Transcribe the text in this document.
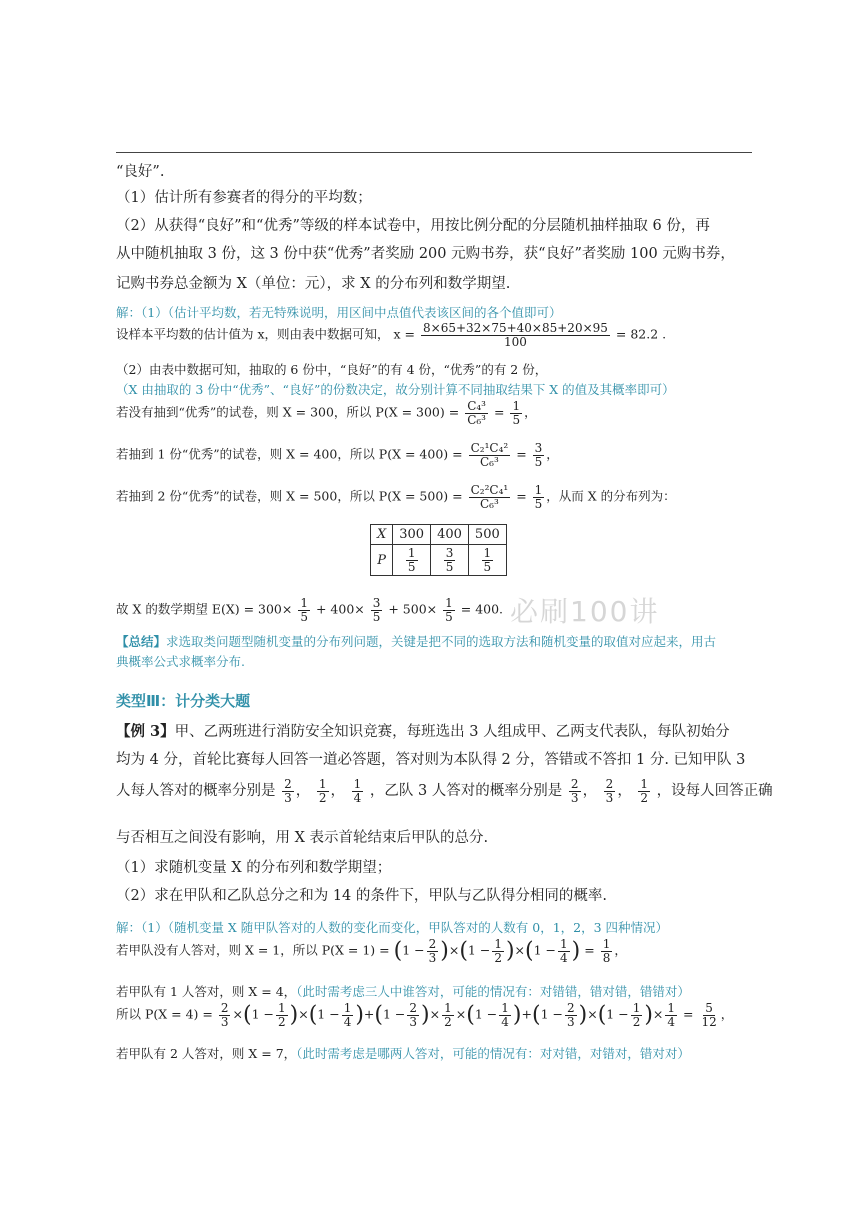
“良好”.
（1）估计所有参赛者的得分的平均数；
（2）从获得“良好”和“优秀”等级的样本试卷中，用按比例分配的分层随机抽样抽取 6 份，再
从中随机抽取 3 份，这 3 份中获“优秀”者奖励 200 元购书券，获“良好”者奖励 100 元购书券，
记购书券总金额为 X（单位：元），求 X 的分布列和数学期望.
解：（1）（估计平均数，若无特殊说明，用区间中点值代表该区间的各个值即可）
设样本平均数的估计值为 x，则由表中数据可知， $x = \frac{8\times 65+32\times 75+40\times 85+20\times 95}{100} = 82.2$ .
（2）由表中数据可知，抽取的 6 份中，“良好”的有 4 份，“优秀”的有 2 份，
（X 由抽取的 3 份中“优秀”、“良好”的份数决定，故分别计算不同抽取结果下 X 的值及其概率即可）
若没有抽到“优秀”的试卷，则 X = 300，所以 $P(X = 300) = \frac{\text{C₄³}}{\text{C₆³}} = \frac{1}{5}$ ，
若抽到 1 份“优秀”的试卷，则 X = 400，所以 $P(X = 400) = \frac{\text{C₂¹C₄²}}{\text{C₆³}} = \frac{3}{5}$ ，
若抽到 2 份“优秀”的试卷，则 X = 500，所以 $P(X = 500) = \frac{\text{C₂²C₄¹}}{\text{C₆³}} = \frac{1}{5}$ ，从而 X 的分布列为：
X	300	400	500
P	$\frac{1}{5}$	$\frac{3}{5}$	$\frac{1}{5}$
必刷100讲
故 X 的数学期望 $E(X) = 300\times \frac{1}{5} + 400\times \frac{3}{5} + 500\times \frac{1}{5} = 400$.
【总结】求选取类问题型随机变量的分布列问题，关键是把不同的选取方法和随机变量的取值对应起来，用古
典概率公式求概率分布.
类型Ⅲ：计分类大题
【例 3】甲、乙两班进行消防安全知识竞赛，每班选出 3 人组成甲、乙两支代表队，每队初始分
均为 4 分，首轮比赛每人回答一道必答题，答对则为本队得 2 分，答错或不答扣 1 分. 已知甲队 3
人每人答对的概率分别是 $\frac{2}{3}$ ， $\frac{1}{2}$ ， $\frac{1}{4}$ ，乙队 3 人答对的概率分别是 $\frac{2}{3}$ ， $\frac{2}{3}$ ， $\frac{1}{2}$ ，设每人回答正确
与否相互之间没有影响，用 X 表示首轮结束后甲队的总分.
（1）求随机变量 X 的分布列和数学期望；
（2）求在甲队和乙队总分之和为 14 的条件下，甲队与乙队得分相同的概率.
解：（1）（随机变量 X 随甲队答对的人数的变化而变化，甲队答对的人数有 0，1，2，3 四种情况）
若甲队没有人答对，则 X = 1，所以 $P(X = 1) = (1 - \frac{2}{3} )\times(1 - \frac{1}{2} )\times(1 - \frac{1}{4}$ ) = $\frac{1}{8}$ ，
若甲队有 1 人答对，则 X = 4，（此时需考虑三人中谁答对，可能的情况有：对错错，错对错，错错对）
所以 $P(X = 4) = \frac{2}{3} \times(1 - \frac{1}{2} )\times(1 - \frac{1}{4} )+(1 - \frac{2}{3}$ )× $\frac{1}{2} \times(1 - \frac{1}{4} )+(1 - \frac{2}{3} )\times(1 - \frac{1}{2}$ )× $\frac{1}{4} = \frac{5}{12}$ ，
若甲队有 2 人答对，则 X = 7，（此时需考虑是哪两人答对，可能的情况有：对对错，对错对，错对对）
